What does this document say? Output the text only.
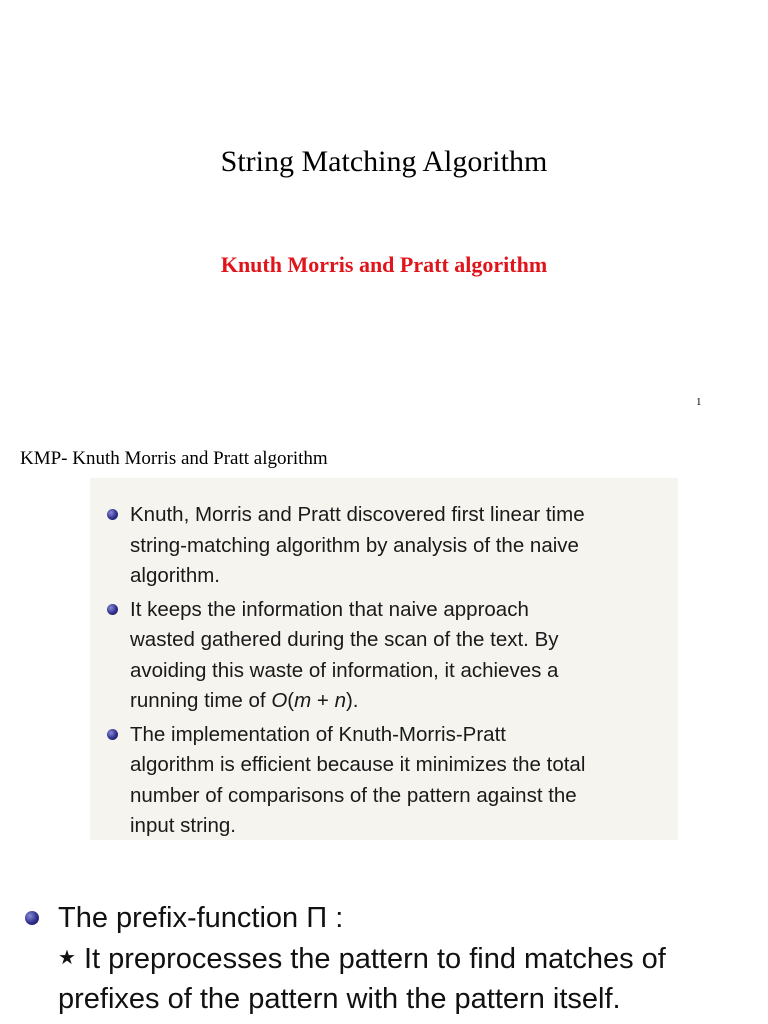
String Matching Algorithm
Knuth Morris and Pratt algorithm
1
KMP- Knuth Morris and Pratt algorithm
Knuth, Morris and Pratt discovered first linear time
string-matching algorithm by analysis of the naive
algorithm.
It keeps the information that naive approach
wasted gathered during the scan of the text. By
avoiding this waste of information, it achieves a
running time of O(m + n).
The implementation of Knuth-Morris-Pratt
algorithm is efficient because it minimizes the total
number of comparisons of the pattern against the
input string.
The prefix-function Π :
★ It preprocesses the pattern to find matches of
prefixes of the pattern with the pattern itself.
